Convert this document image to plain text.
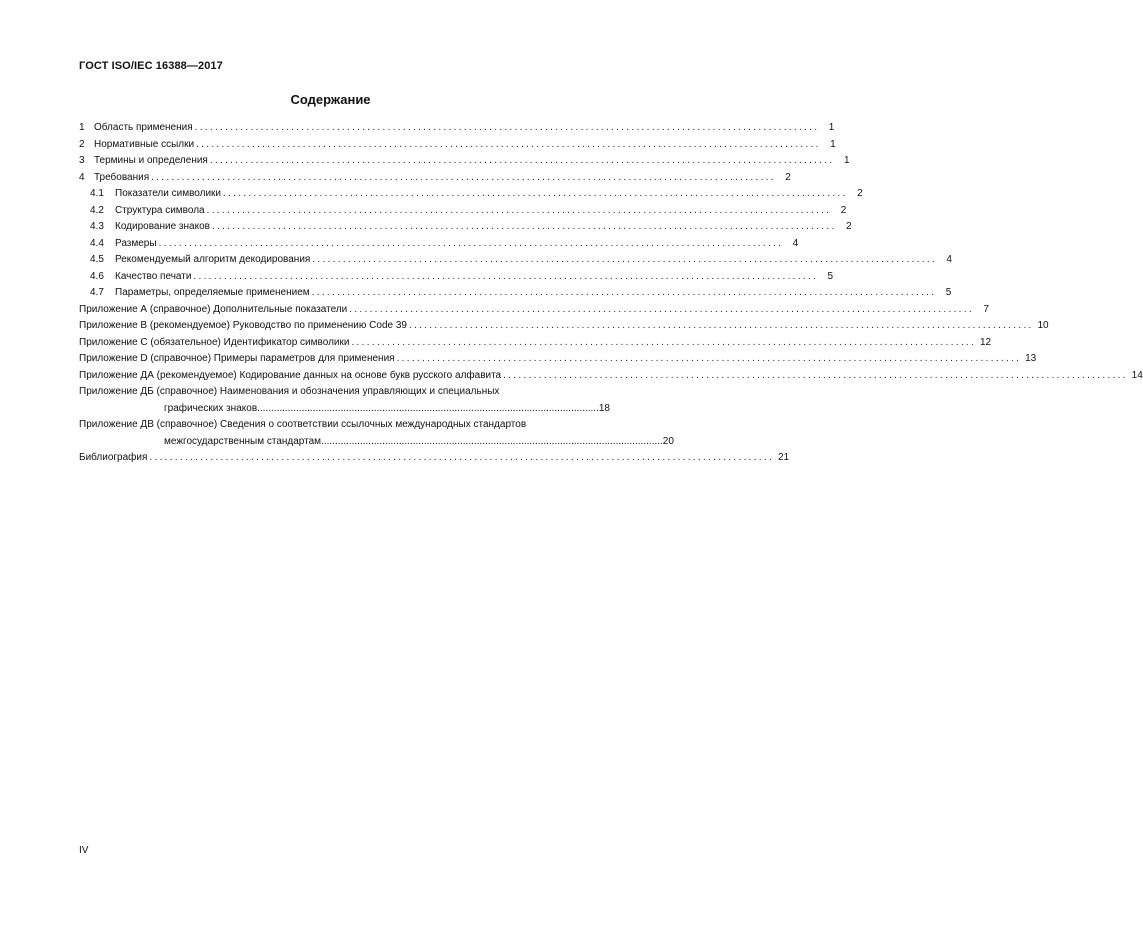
ГОСТ ISO/IEC 16388—2017
Содержание
1 Область применения ........................................................................................................................... 1
2 Нормативные ссылки ........................................................................................................................... 1
3 Термины и определения ........................................................................................................................... 1
4 Требования ........................................................................................................................... 2
4.1	Показатели символики ........................................................................................................................... 2
4.2	Структура символа ........................................................................................................................... 2
4.3	Кодирование знаков ........................................................................................................................... 2
4.4	Размеры ........................................................................................................................... 4
4.5	Рекомендуемый алгоритм декодирования ........................................................................................................................... 4
4.6	Качество печати ........................................................................................................................... 5
4.7	Параметры, определяемые применением ........................................................................................................................... 5
Приложение А (справочное) Дополнительные показатели ........................................................................................................................... 7
Приложение В (рекомендуемое) Руководство по применению Code 39 ........................................................................................................................... 10
Приложение С (обязательное) Идентификатор символики ........................................................................................................................... 12
Приложение D (справочное) Примеры параметров для применения ........................................................................................................................... 13
Приложение ДА (рекомендуемое) Кодирование данных на основе букв русского алфавита ........................................................................................................................... 14
Приложение ДБ (справочное) Наименования и обозначения управляющих и специальных
графических знаков ........................................................................................................................... 18
Приложение ДВ (справочное) Сведения о соответствии ссылочных международных стандартов
межгосударственным стандартам ........................................................................................................................... 20
Библиография ........................................................................................................................... 21
IV
